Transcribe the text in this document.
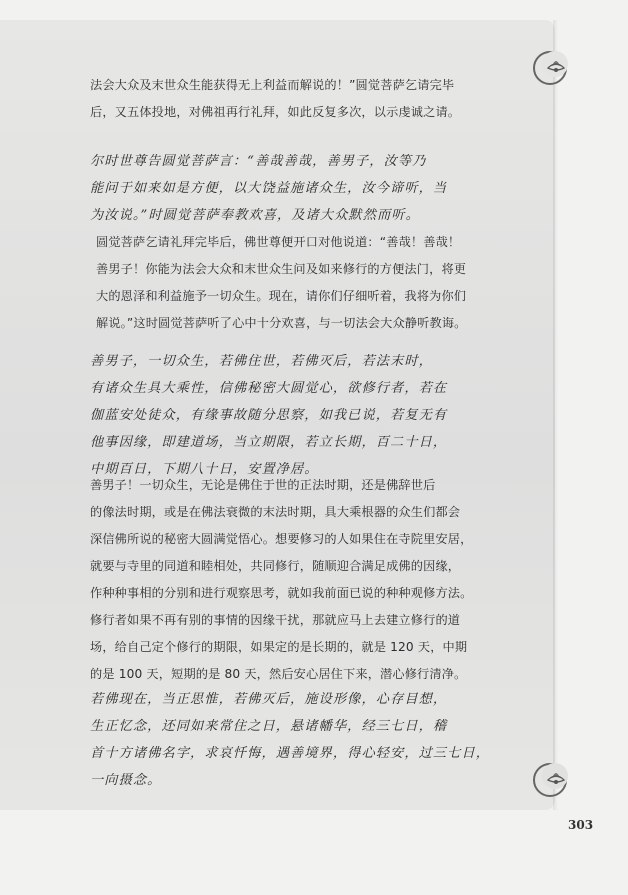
法会大众及末世众生能获得无上利益而解说的！”圆觉菩萨乞请完毕
后，又五体投地，对佛祖再行礼拜，如此反复多次，以示虔诚之请。

尔时世尊告圆觉菩萨言：“善哉善哉，善男子，汝等乃
能问于如来如是方便，以大饶益施诸众生，汝今谛听，当
为汝说。”时圆觉菩萨奉教欢喜，及诸大众默然而听。

圆觉菩萨乞请礼拜完毕后，佛世尊便开口对他说道：“善哉！善哉！
善男子！你能为法会大众和末世众生问及如来修行的方便法门，将更
大的恩泽和利益施予一切众生。现在，请你们仔细听着，我将为你们
解说。”这时圆觉菩萨听了心中十分欢喜，与一切法会大众静听教诲。

善男子，一切众生，若佛住世，若佛灭后，若法末时，
有诸众生具大乘性，信佛秘密大圆觉心，欲修行者，若在
伽蓝安处徒众，有缘事故随分思察，如我已说，若复无有
他事因缘，即建道场，当立期限，若立长期，百二十日，
中期百日，下期八十日，安置净居。

善男子！一切众生，无论是佛住于世的正法时期，还是佛辞世后
的像法时期，或是在佛法衰微的末法时期，具大乘根器的众生们都会
深信佛所说的秘密大圆满觉悟心。想要修习的人如果住在寺院里安居，
就要与寺里的同道和睦相处，共同修行，随顺迎合满足成佛的因缘，
作种种事相的分别和进行观察思考，就如我前面已说的种种观修方法。
修行者如果不再有别的事情的因缘干扰，那就应马上去建立修行的道
场，给自己定个修行的期限，如果定的是长期的，就是 120 天，中期
的是 100 天，短期的是 80 天，然后安心居住下来，潜心修行清净。

若佛现在，当正思惟，若佛灭后，施设形像，心存目想，
生正忆念，还同如来常住之日，悬诸幡华，经三七日，稽
首十方诸佛名字，求哀忏悔，遇善境界，得心轻安，过三七日，
一向摄念。

303
